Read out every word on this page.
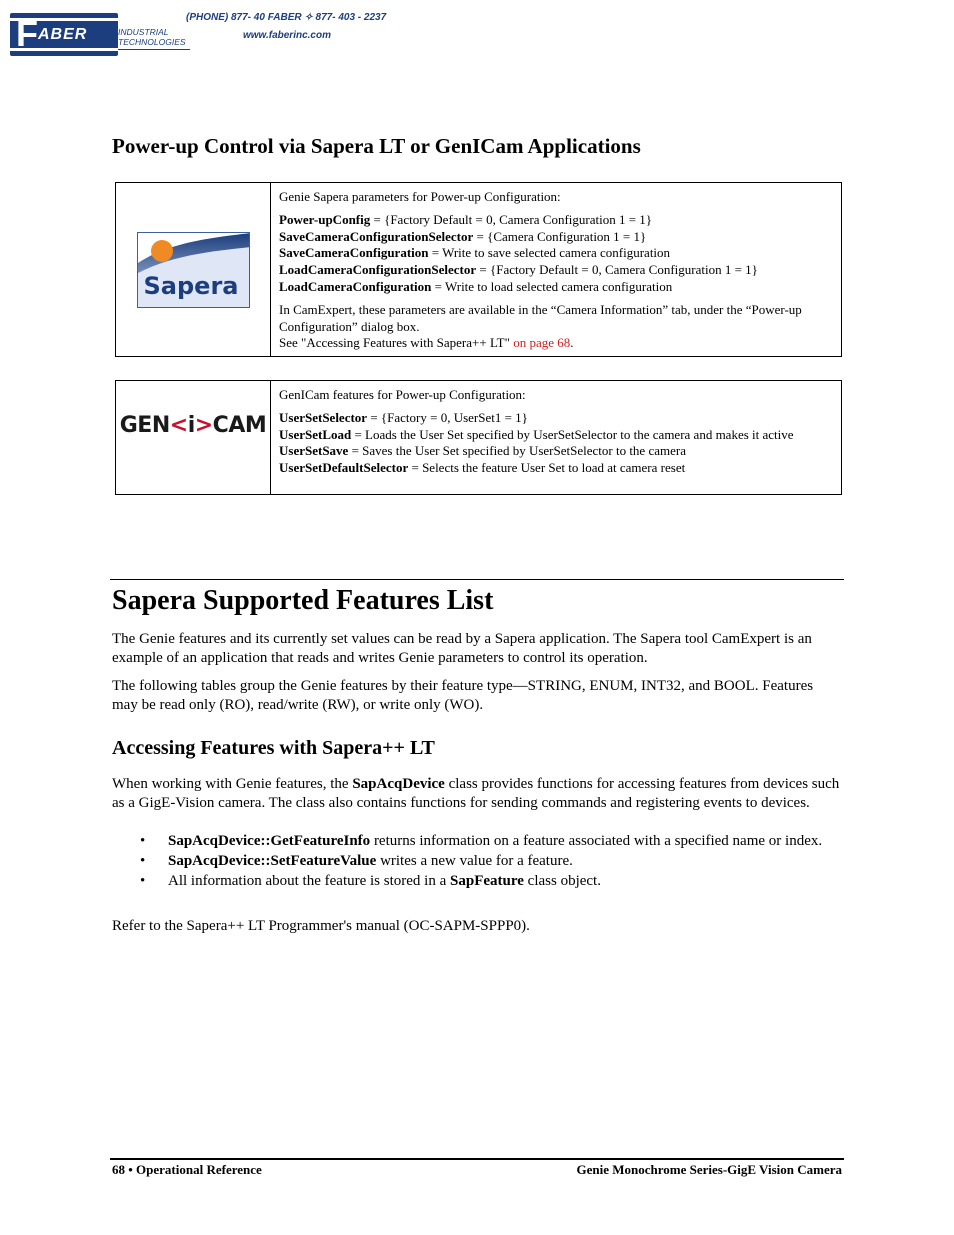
F ABER	INDUSTRIAL
TECHNOLOGIES
(PHONE) 877- 40 FABER ✧ 877- 403 - 2237
www.faberinc.com
Power-up Control via Sapera LT or GenICam Applications
Sapera

Genie Sapera parameters for Power-up Configuration:

Power-upConfig = {Factory Default = 0, Camera Configuration 1 = 1}
SaveCameraConfigurationSelector = {Camera Configuration 1 = 1}
SaveCameraConfiguration = Write to save selected camera configuration
LoadCameraConfigurationSelector = {Factory Default = 0, Camera Configuration 1 = 1}
LoadCameraConfiguration = Write to load selected camera configuration

In CamExpert, these parameters are available in the “Camera Information” tab, under the “Power-up Configuration” dialog box.
See "Accessing Features with Sapera++ LT" on page 68.

GEN<i>CAM

GenICam features for Power-up Configuration:

UserSetSelector = {Factory = 0, UserSet1 = 1}
UserSetLoad = Loads the User Set specified by UserSetSelector to the camera and makes it active
UserSetSave = Saves the User Set specified by UserSetSelector to the camera
UserSetDefaultSelector = Selects the feature User Set to load at camera reset

Sapera Supported Features List

The Genie features and its currently set values can be read by a Sapera application. The Sapera tool CamExpert is an example of an application that reads and writes Genie parameters to control its operation.

The following tables group the Genie features by their feature type—STRING, ENUM, INT32, and BOOL. Features may be read only (RO), read/write (RW), or write only (WO).

Accessing Features with Sapera++ LT

When working with Genie features, the SapAcqDevice class provides functions for accessing features from devices such as a GigE-Vision camera. The class also contains functions for sending commands and registering events to devices.

• SapAcqDevice::GetFeatureInfo returns information on a feature associated with a specified name or index.
• SapAcqDevice::SetFeatureValue writes a new value for a feature.
• All information about the feature is stored in a SapFeature class object.

Refer to the Sapera++ LT Programmer's manual (OC-SAPM-SPPP0).

68 • Operational Reference	Genie Monochrome Series-GigE Vision Camera
